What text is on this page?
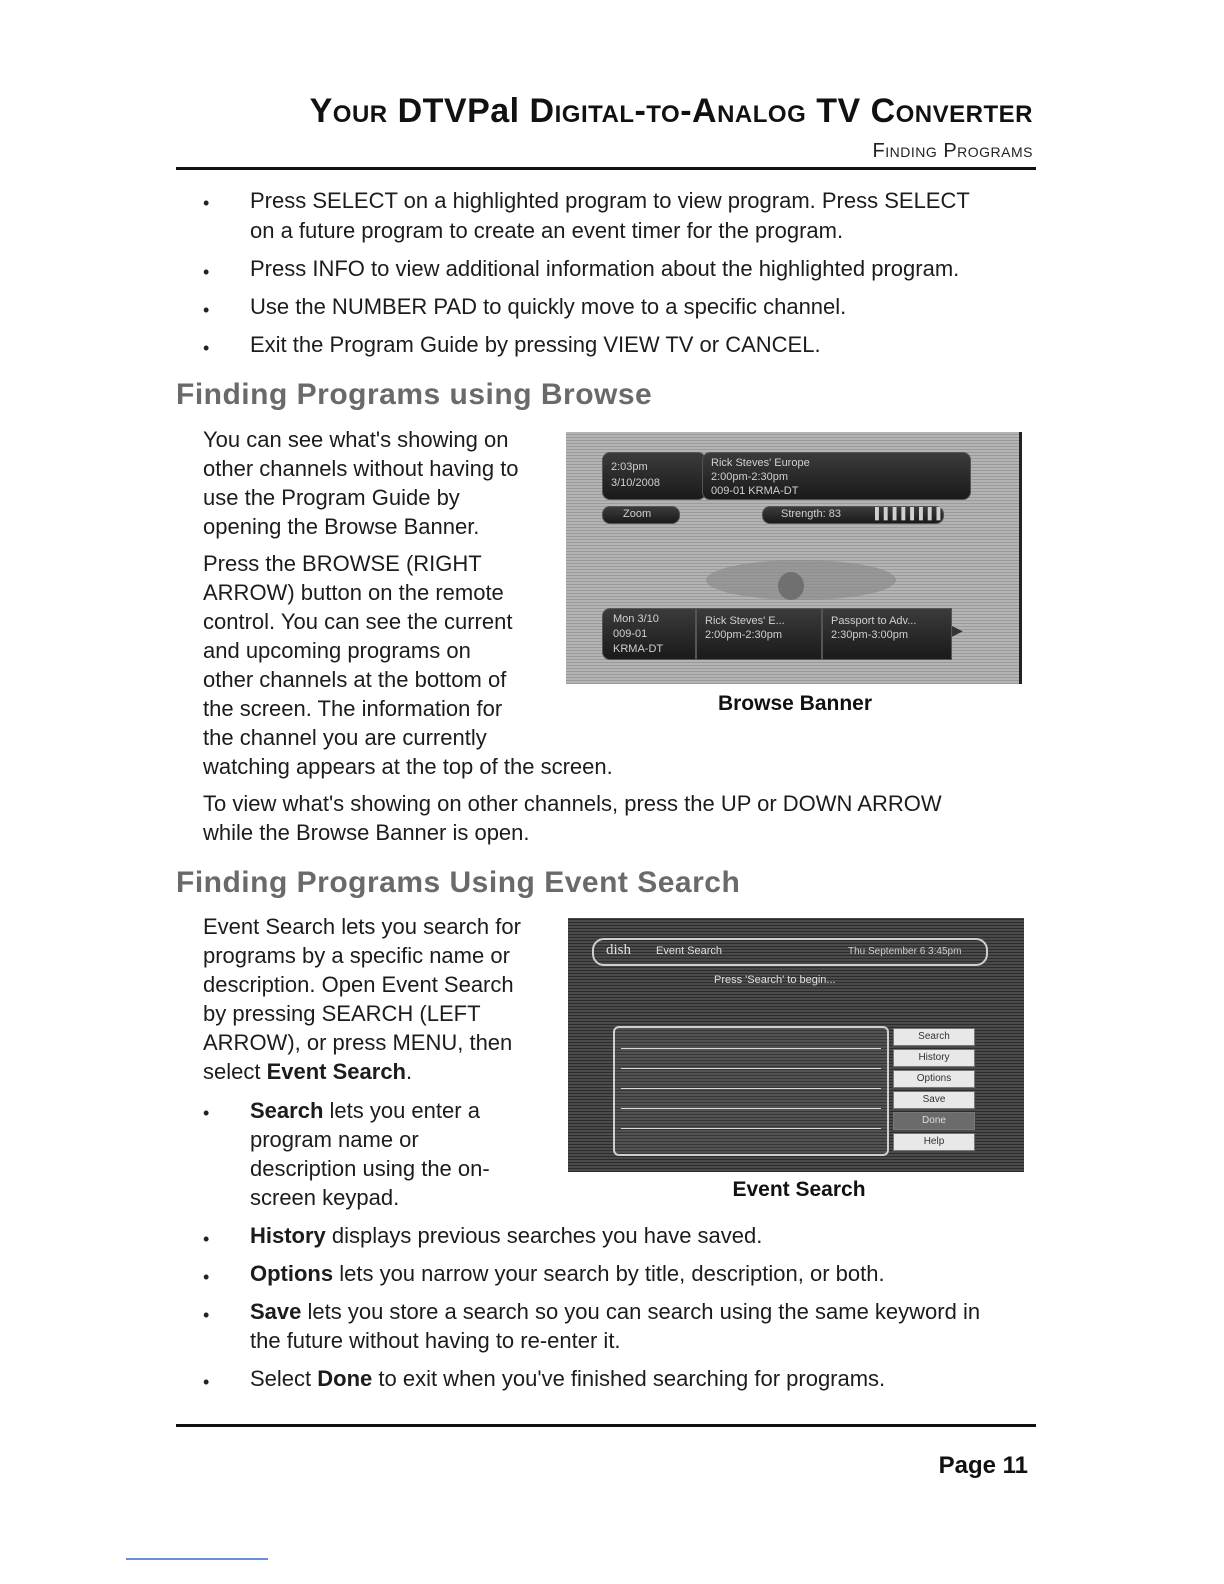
Your DTVPal Digital-to-Analog TV Converter
Finding Programs
• Press SELECT on a highlighted program to view program. Press SELECT
on a future program to create an event timer for the program.
• Press INFO to view additional information about the highlighted program.
• Use the NUMBER PAD to quickly move to a specific channel.
• Exit the Program Guide by pressing VIEW TV or CANCEL.
Finding Programs using Browse
You can see what's showing on
other channels without having to
use the Program Guide by
opening the Browse Banner.
Press the BROWSE (RIGHT
ARROW) button on the remote
control. You can see the current
and upcoming programs on
other channels at the bottom of
the screen. The information for
the channel you are currently
watching appears at the top of the screen.
To view what's showing on other channels, press the UP or DOWN ARROW
while the Browse Banner is open.
2:03pm
3/10/2008
Rick Steves' Europe
2:00pm-2:30pm
009-01 KRMA-DT
Zoom	Strength: 83	▌▌▌▌▌▌▌▌
Mon 3/10
009-01
KRMA-DT
Rick Steves' E...
2:00pm-2:30pm
Passport to Adv...
2:30pm-3:00pm	▶
Browse Banner
Finding Programs Using Event Search
Event Search lets you search for
programs by a specific name or
description. Open Event Search
by pressing SEARCH (LEFT
ARROW), or press MENU, then
select Event Search.
• Search lets you enter a
program name or
description using the on-
screen keypad.
dish Event Search	Thu September 6 3:45pm
Press 'Search' to begin...
Search
History
Options
Save
Done
Help
Event Search
• History displays previous searches you have saved.
• Options lets you narrow your search by title, description, or both.
• Save lets you store a search so you can search using the same keyword in
the future without having to re-enter it.
• Select Done to exit when you've finished searching for programs.
Page 11
